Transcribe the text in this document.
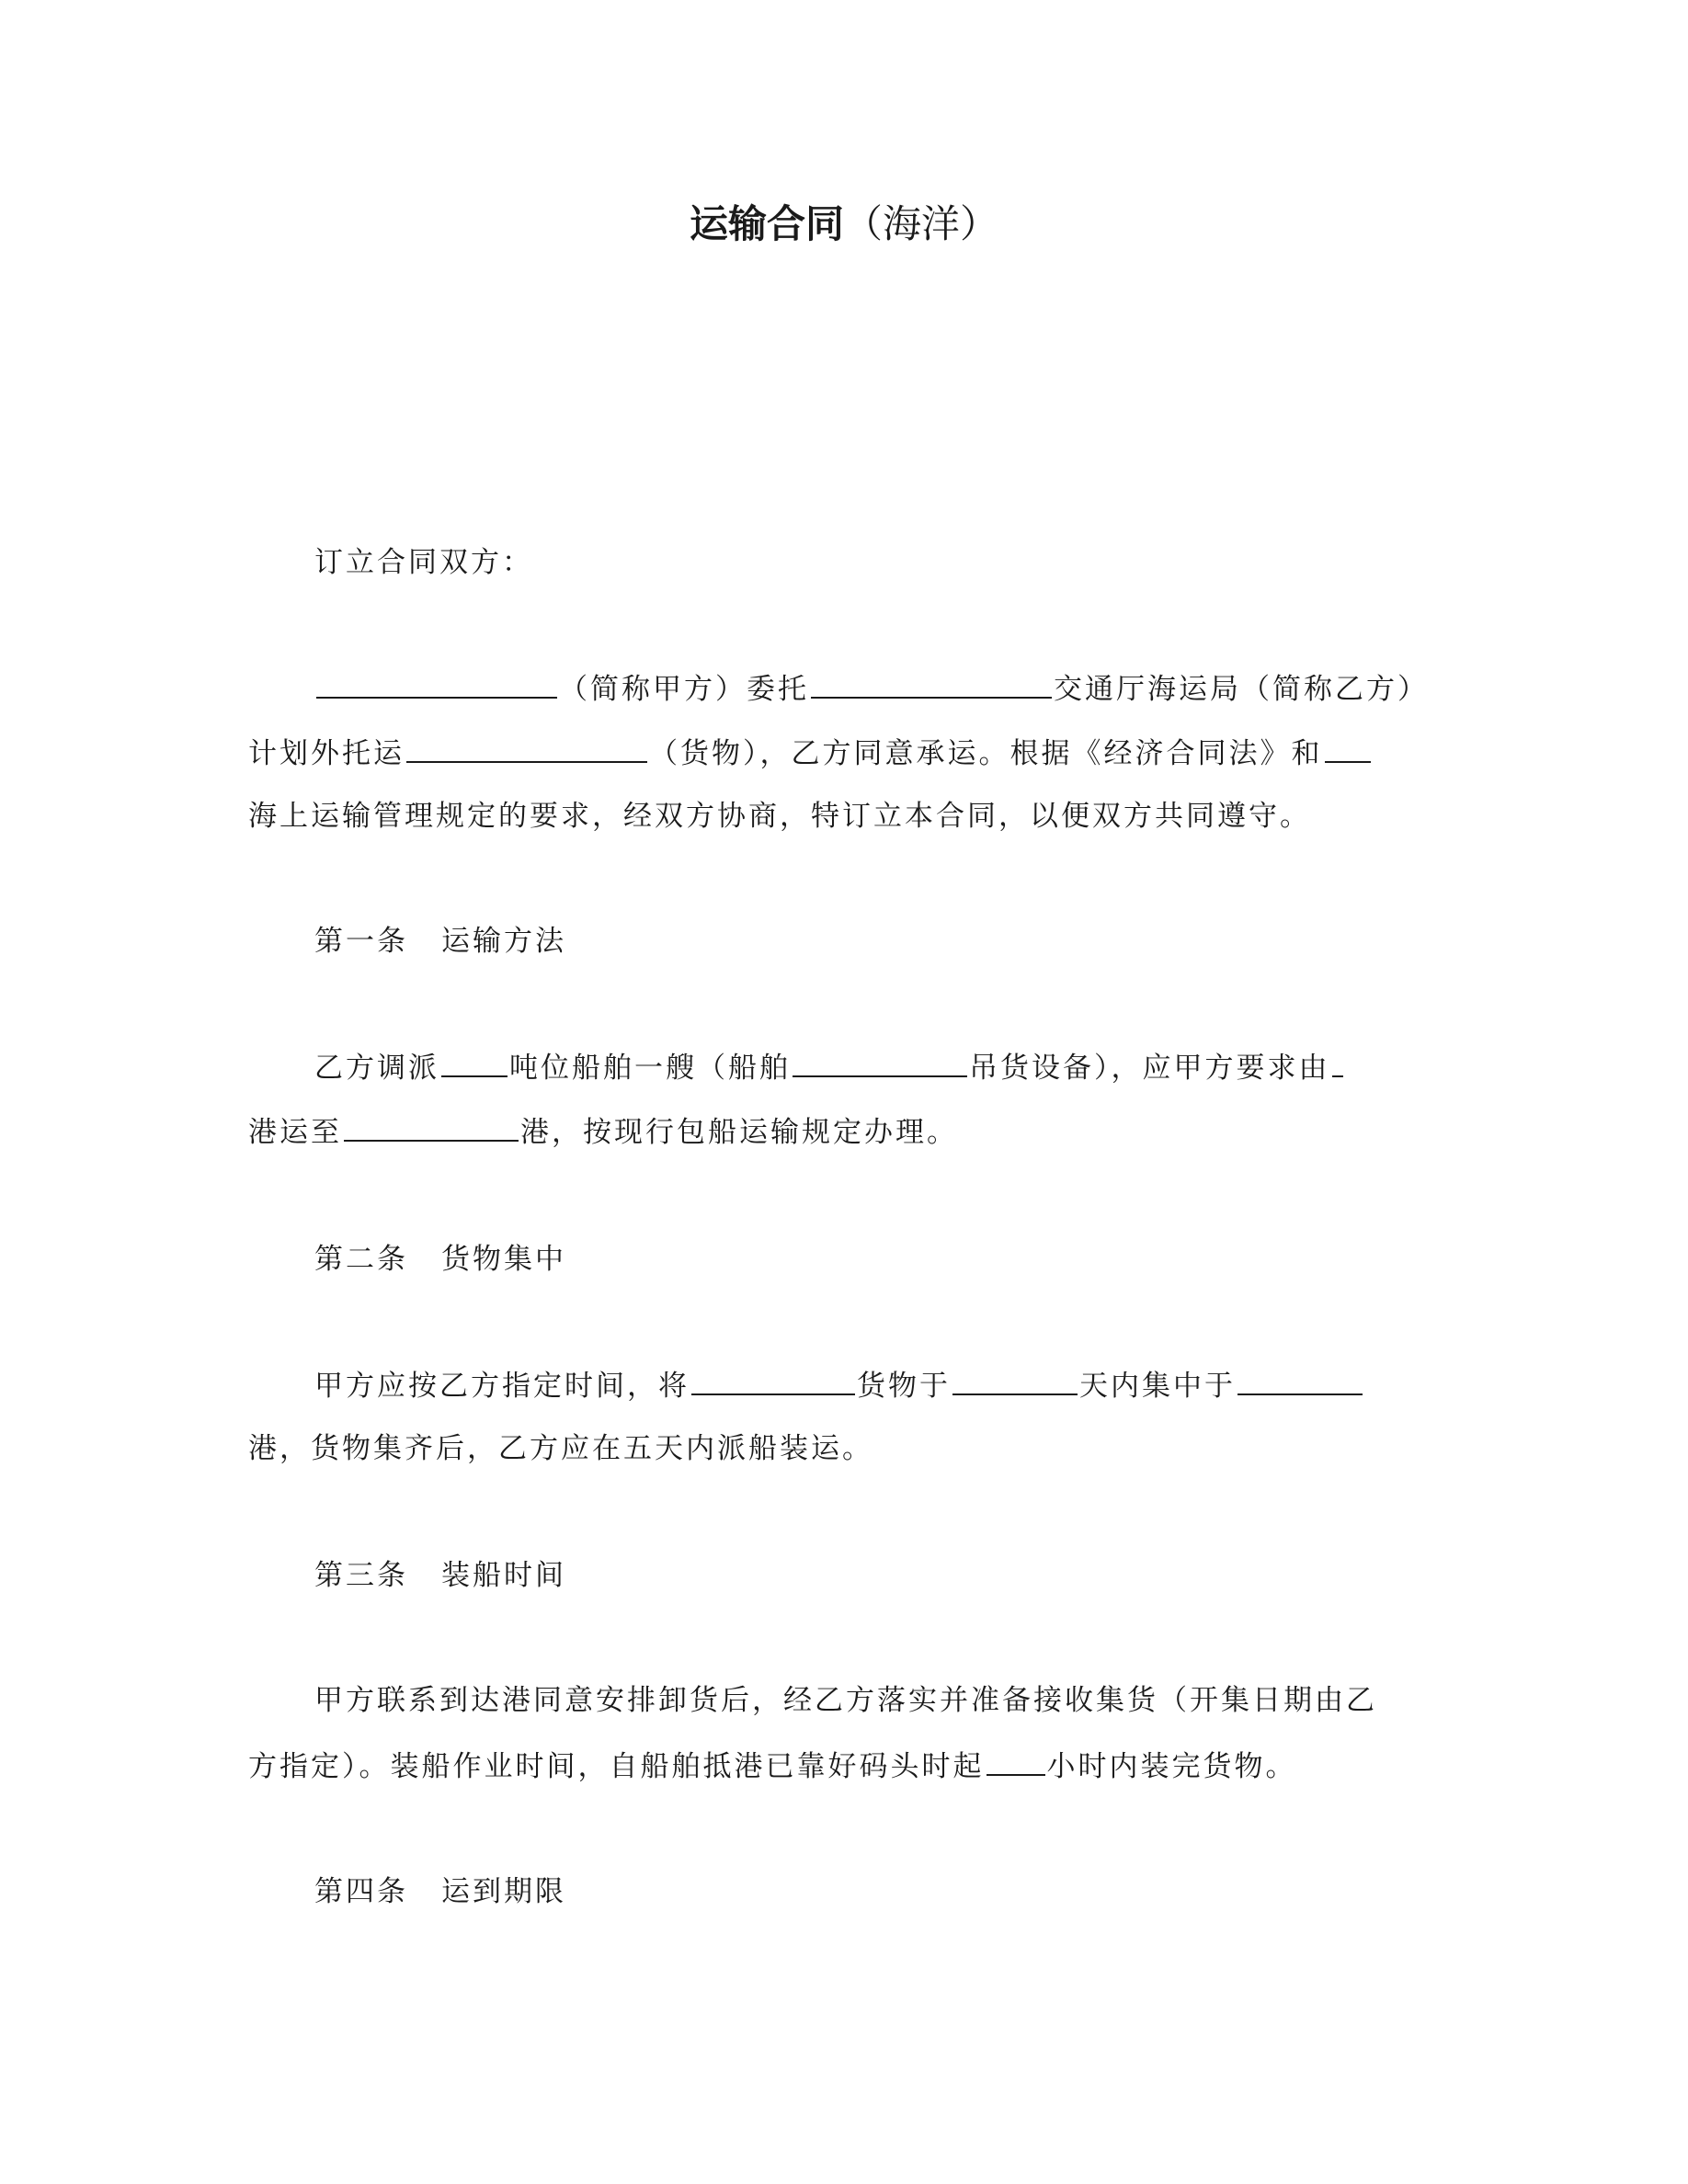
运输合同（海洋）
订立合同双方：
（简称甲方）委托	交通厅海运局（简称乙方）
计划外托运	（货物），乙方同意承运。根据《经济合同法》和
海上运输管理规定的要求，经双方协商，特订立本合同，以便双方共同遵守。
第一条 运输方法
乙方调派 吨位船舶一艘（船舶	吊货设备），应甲方要求由
港运至	港，按现行包船运输规定办理。
第二条 货物集中
甲方应按乙方指定时间，将	货物于	天内集中于
港，货物集齐后，乙方应在五天内派船装运。
第三条 装船时间
甲方联系到达港同意安排卸货后，经乙方落实并准备接收集货（开集日期由乙
方指定）。装船作业时间，自船舶抵港已靠好码头时起 小时内装完货物。
第四条 运到期限
